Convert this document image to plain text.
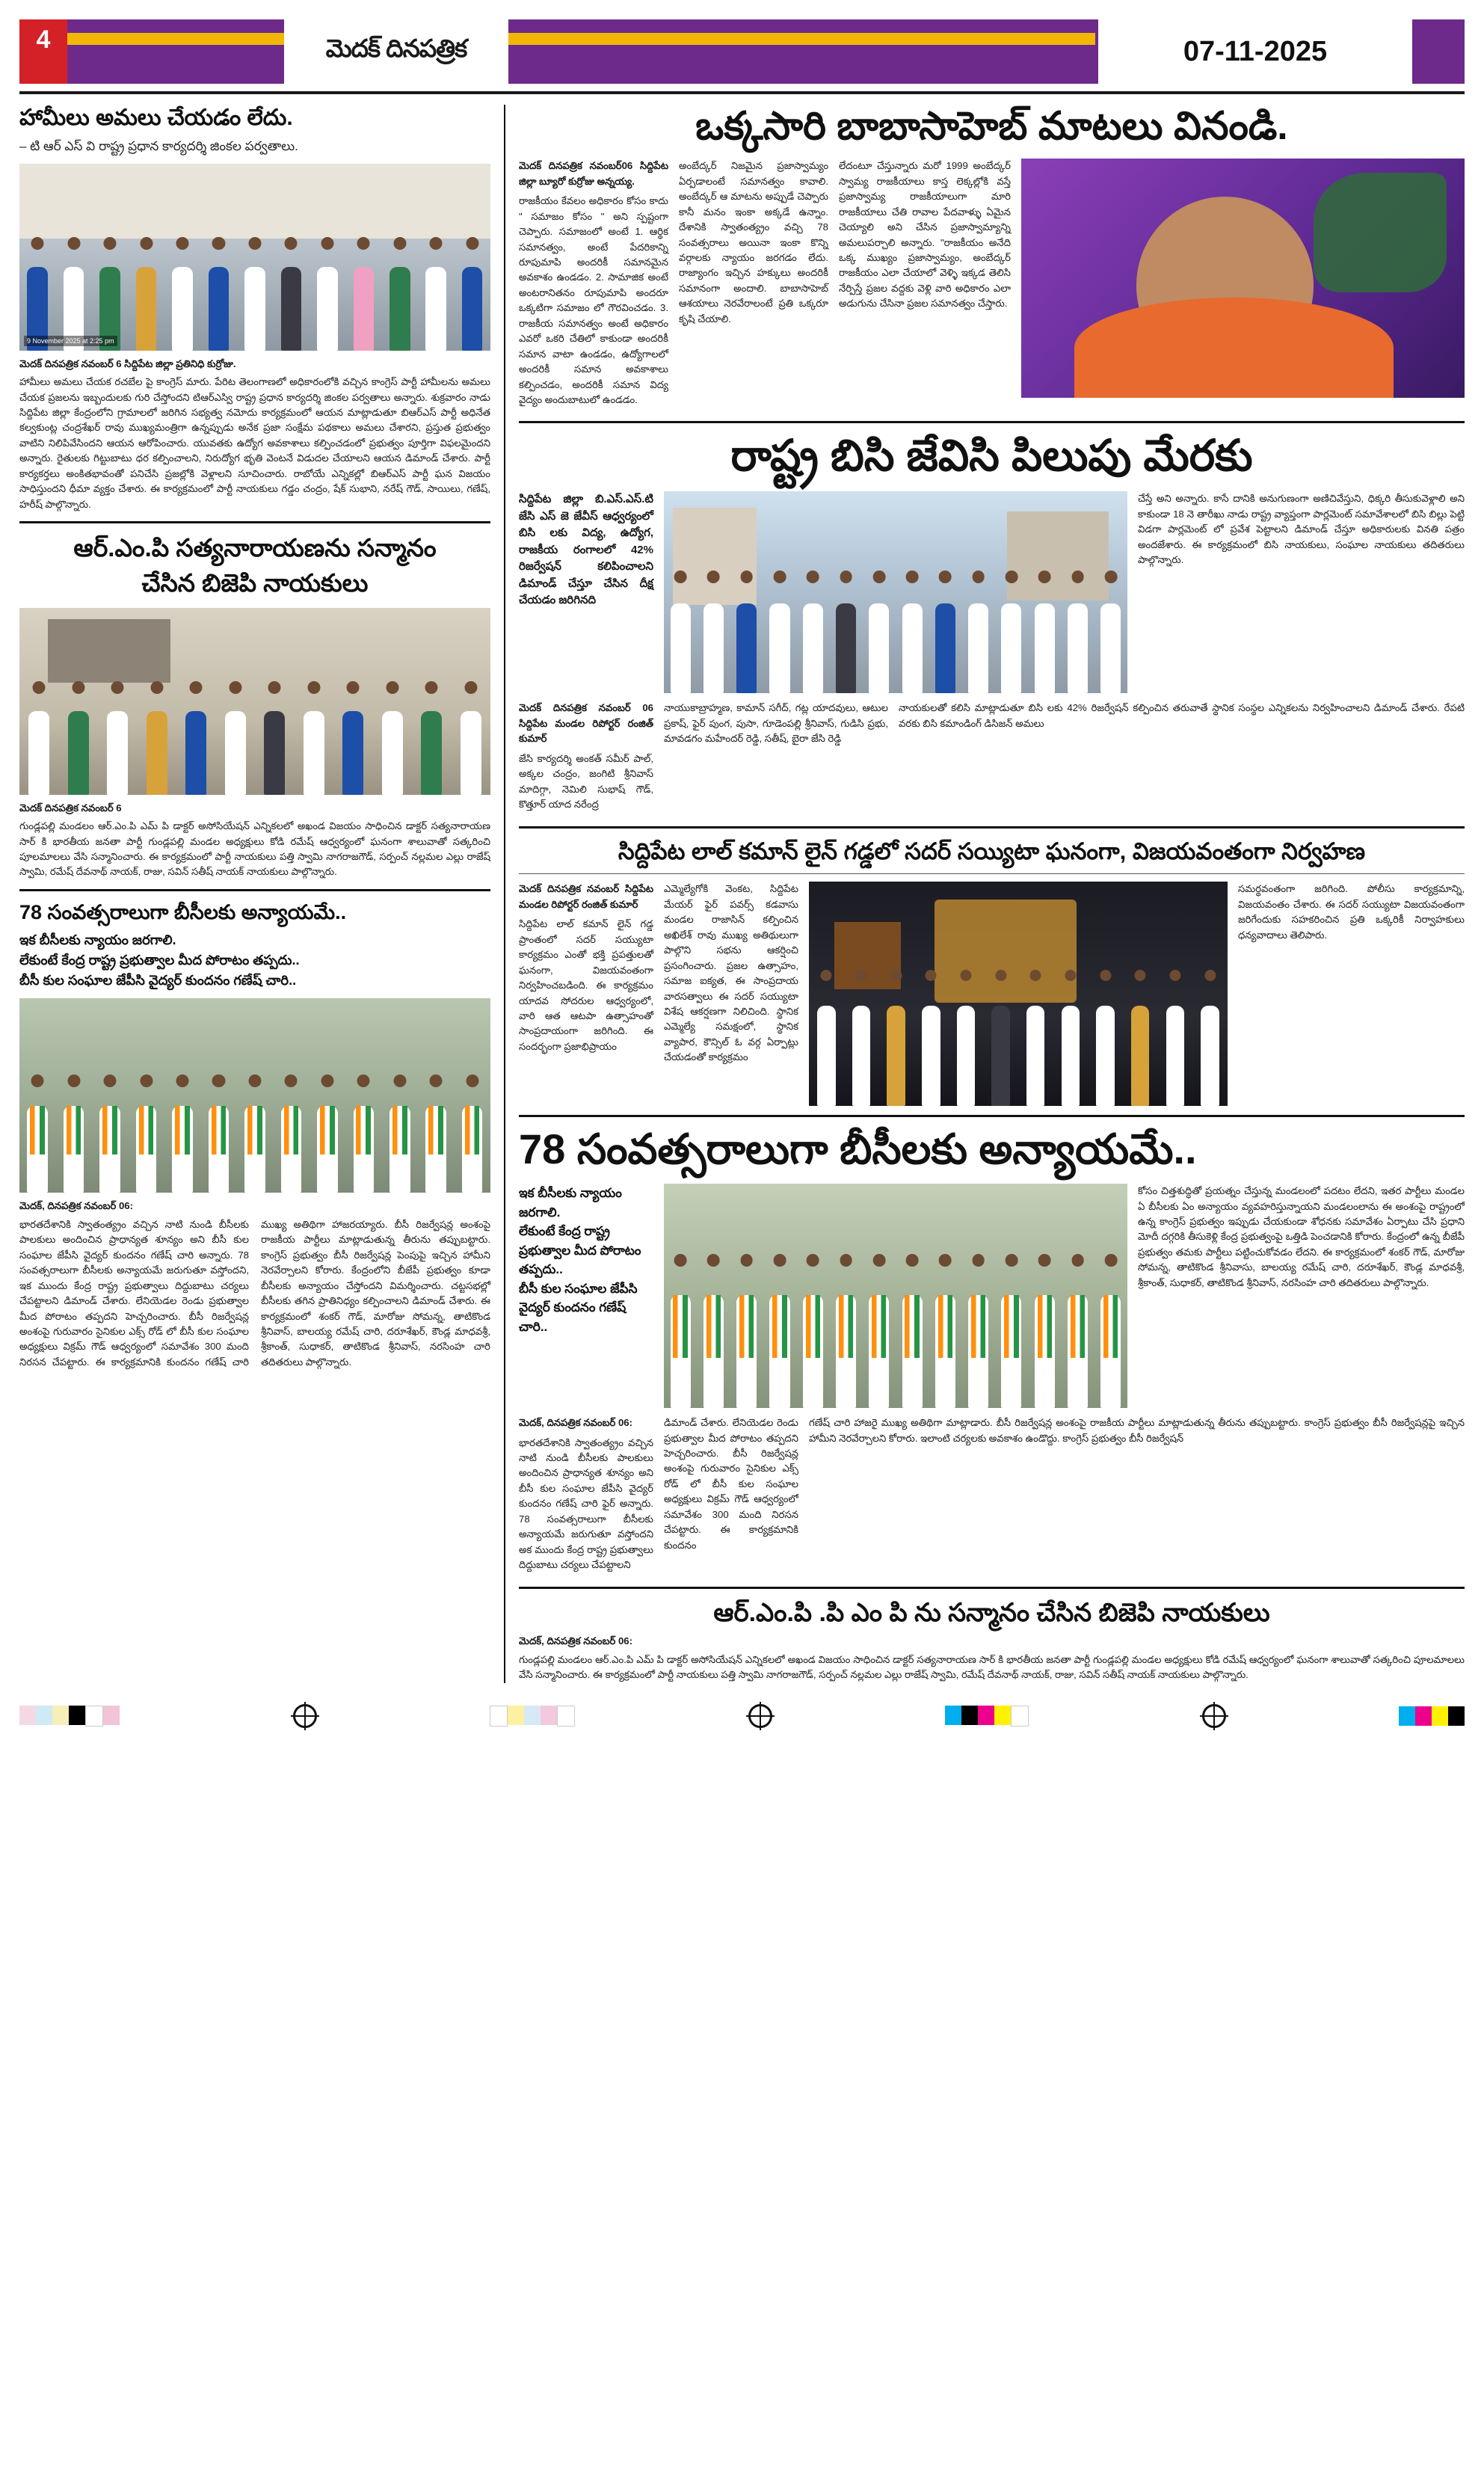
4	మెదక్ దినపత్రిక	07-11-2025
హామీలు అమలు చేయడం లేదు.
– టి ఆర్ ఎస్ వి రాష్ట్ర ప్రధాన కార్యదర్శి జింకల పర్వతాలు.
9 November 2025 at 2:25 pm
మెదక్ దినపత్రిక నవంబర్ 6 సిద్దిపేట జిల్లా ప్రతినిధి కుర్రోజు.
హామీలు అమలు చేయక రచబేల పై కాంగ్రెస్ మారు. పేరిట తెలంగాణలో అధికారంలోకి వచ్చిన కాంగ్రెస్ పార్టీ హామీలను అమలు చేయక ప్రజలను ఇబ్బందులకు గురి చేస్తోందని టిఆర్ఎస్వి రాష్ట్ర ప్రధాన కార్యదర్శి జింకల పర్వతాలు అన్నారు. శుక్రవారం నాడు సిద్దిపేట జిల్లా కేంద్రంలోని గ్రామాలలో జరిగిన సభ్యత్వ నమోదు కార్యక్రమంలో ఆయన మాట్లాడుతూ బిఆర్ఎస్ పార్టీ అధినేత కల్వకుంట్ల చంద్రశేఖర్ రావు ముఖ్యమంత్రిగా ఉన్నప్పుడు అనేక ప్రజా సంక్షేమ పథకాలు అమలు చేశారని, ప్రస్తుత ప్రభుత్వం వాటిని నిలిపివేసిందని ఆయన ఆరోపించారు. యువతకు ఉద్యోగ అవకాశాలు కల్పించడంలో ప్రభుత్వం పూర్తిగా విఫలమైందని అన్నారు. రైతులకు గిట్టుబాటు ధర కల్పించాలని, నిరుద్యోగ భృతి వెంటనే విడుదల చేయాలని ఆయన డిమాండ్ చేశారు. పార్టీ కార్యకర్తలు అంకితభావంతో పనిచేసి ప్రజల్లోకి వెళ్లాలని సూచించారు. రాబోయే ఎన్నికల్లో బిఆర్ఎస్ పార్టీ ఘన విజయం సాధిస్తుందని ధీమా వ్యక్తం చేశారు. ఈ కార్యక్రమంలో పార్టీ నాయకులు గడ్డం చంద్రం, షేక్ సుభాని, నరేష్ గౌడ్, సాయిలు, గణేష్, హరీష్ పాల్గొన్నారు.
ఆర్.ఎం.పి సత్యనారాయణను సన్మానం
చేసిన బిజెపి నాయకులు
మెదక్ దినపత్రిక నవంబర్ 6
గుండ్లపల్లి మండలం ఆర్.ఎం.పి ఎమ్ పి డాక్టర్ అసోసియేషన్ ఎన్నికలలో అఖండ విజయం సాధించిన డాక్టర్ సత్యనారాయణ సార్ కి భారతీయ జనతా పార్టీ గుండ్లపల్లి మండల అధ్యక్షులు కోడి రమేష్ ఆధ్వర్యంలో ఘనంగా శాలువాతో సత్కరించి పూలమాలలు వేసి సన్మానించారు. ఈ కార్యక్రమంలో పార్టీ నాయకులు పత్తి స్వామి నాగరాజగౌడ్, సర్పంచ్ నల్లమల ఎల్లు రాజేష్ స్వామి, రమేష్ దేవనాథ్ నాయక్, రాజు, సవిన్ సతీష్ నాయక్ నాయకులు పాల్గొన్నారు.
78 సంవత్సరాలుగా బీసీలకు అన్యాయమే..
ఇక బీసీలకు న్యాయం జరగాలి.
లేకుంటే కేంద్ర రాష్ట్ర ప్రభుత్వాల మీద పోరాటం తప్పదు..
బీసీ కుల సంఘాల జేపీసి వైద్యర్ కుందనం గణేష్ చారి..
మెదక్, దినపత్రిక నవంబర్ 06:
భారతదేశానికి స్వాతంత్య్రం వచ్చిన నాటి నుండి బీసీలకు పాలకులు అందించిన ప్రాధాన్యత శూన్యం అని బీసీ కుల సంఘాల జేపీసి వైద్యర్ కుందనం గణేష్ చారి అన్నారు. 78 సంవత్సరాలుగా బీసీలకు అన్యాయమే జరుగుతూ వస్తోందని, ఇక ముందు కేంద్ర రాష్ట్ర ప్రభుత్వాలు దిద్దుబాటు చర్యలు చేపట్టాలని డిమాండ్ చేశారు. లేనియెడల రెండు ప్రభుత్వాల మీద పోరాటం తప్పదని హెచ్చరించారు. బీసీ రిజర్వేషన్ల అంశంపై గురువారం సైనికుల ఎక్స్ రోడ్ లో బీసీ కుల సంఘాల అధ్యక్షులు విక్రమ్ గౌడ్ ఆధ్వర్యంలో సమావేశం 300 మంది నిరసన చేపట్టారు. ఈ కార్యక్రమానికి కుందనం గణేష్ చారి ముఖ్య అతిథిగా హాజరయ్యారు. బీసీ రిజర్వేషన్ల అంశంపై రాజకీయ పార్టీలు మాట్లాడుతున్న తీరును తప్పుబట్టారు. కాంగ్రెస్ ప్రభుత్వం బీసీ రిజర్వేషన్ల పెంపుపై ఇచ్చిన హామీని నెరవేర్చాలని కోరారు. కేంద్రంలోని బీజేపీ ప్రభుత్వం కూడా బీసీలకు అన్యాయం చేస్తోందని విమర్శించారు. చట్టసభల్లో బీసీలకు తగిన ప్రాతినిధ్యం కల్పించాలని డిమాండ్ చేశారు. ఈ కార్యక్రమంలో శంకర్ గౌడ్, మారోజు సోమన్న, తాటికొండ శ్రీనివాస్, బాలయ్య రమేష్ చారి, దరూశేఖర్, కౌండ్ల మాధవశ్రీ, శ్రీకాంత్, సుధాకర్, తాటికొండ శ్రీనివాస్, నరసింహ చారి తదితరులు పాల్గొన్నారు.
ఒక్కసారి బాబాసాహెబ్ మాటలు వినండి.

మెదక్ దినపత్రిక నవంబర్06 సిద్దిపేట జిల్లా బ్యూరో కుర్రోజు అన్నయ్య.

రాజకీయం కేవలం అధికారం కోసం కాదు " సమాజం కోసం " అని స్పష్టంగా చెప్పారు. సమాజంలో అంటే 1. ఆర్థిక సమానత్వం, అంటే పేదరికాన్ని రూపుమాపి అందరికీ సమానమైన అవకాశం ఉండడం. 2. సామాజిక అంటే అంటరానితనం రూపుమాపి అందరూ ఒక్కటిగా సమాజం లో గౌరవించడం. 3. రాజకీయ సమానత్వం అంటే అధికారం ఎవరో ఒకరి చేతిలో కాకుండా అందరికీ సమాన వాటా ఉండడం, ఉద్యోగాలలో అందరికీ సమాన అవకాశాలు కల్పించడం, అందరికీ సమాన విద్య వైద్యం అందుబాటులో ఉండడం.

అంబేద్కర్ నిజమైన ప్రజాస్వామ్యం ఏర్పడాలంటే సమానత్వం కావాలి. అంబేద్కర్ ఆ మాటను అప్పుడే చెప్పారు కానీ మనం ఇంకా అక్కడే ఉన్నాం. దేశానికి స్వాతంత్య్రం వచ్చి 78 సంవత్సరాలు అయినా ఇంకా కొన్ని వర్గాలకు న్యాయం జరగడం లేదు. రాజ్యాంగం ఇచ్చిన హక్కులు అందరికీ సమానంగా అందాలి. బాబాసాహెబ్ ఆశయాలు నెరవేరాలంటే ప్రతి ఒక్కరూ కృషి చేయాలి.

లేదంటూ చేస్తున్నారు మరో 1999 అంబేద్కర్ స్వామ్య రాజకీయాలు కాస్త లెక్కల్లోకి వస్తే ప్రజాస్వామ్య రాజకీయాలుగా మారి రాజకీయాలు చేతి రావాల పేదవాళ్ళు ఏమైన చెయ్యాలి అని చేసిన ప్రజాస్వామ్యాన్ని అమలుపర్చాలి అన్నారు. "రాజకీయం అనేది ఒక్క ముఖ్యం ప్రజాస్వామ్యం, అంబేద్కర్ రాజకీయం ఎలా చేయాలో వెళ్ళి ఇక్కడ తెలిసి నేర్పిస్తే ప్రజల వద్దకు వెళ్లి వారి అధికారం ఎలా అడుగును చేసినా ప్రజల సమానత్వం చేస్తారు.

రాష్ట్ర బిసి జేవిసి పిలుపు మేరకు
సిద్దిపేట జిల్లా బి.ఎస్.ఎస్.టి జేసి ఎస్ జె జేవీస్ ఆధ్వర్యంలో బిసి లకు విద్య, ఉద్యోగ, రాజకీయ రంగాలలో 42% రిజర్వేషన్ కలిపించాలని డిమాండ్ చేస్తూ చేసిన దీక్ష చేయడం జరిగినది

చేస్తే అని అన్నారు. కాసే దానికి అనుగుణంగా అణిచివేస్తుని, ధిక్కరి తీసుకువెళ్లాలి అని కాకుండా 18 నె తారీఖు నాడు రాష్ట్ర వ్యాప్తంగా పార్లమెంట్ సమావేశాలలో బిసి బిల్లు పెట్టి విడగా పార్లమెంట్ లో ప్రవేశ పెట్టాలని డిమాండ్ చేస్తూ అధికారులకు వినతి పత్రం అందజేశారు. ఈ కార్యక్రమంలో బిసి నాయకులు, సంఘాల నాయకులు తదితరులు పాల్గొన్నారు.

మెదక్ దినపత్రిక నవంబర్ 06 సిద్దిపేట మండల రిపోర్టర్ రంజిత్ కుమార్

జేసి కార్యదర్శి అంకత్ సమీర్ పాల్, అక్కల చంద్రం, జంగిటి శ్రీనివాస్ మాదిగ్గా, నెమిలి సుభాష్ గౌడ్, కొత్తూర్ యాద నరేంద్ర

నాయుకాబ్రాహ్మణ, కామాన్ సగీద్, గట్ల యాదవులు, ఆటుల ప్రకాష్, ఫైర్ పుంగ, పుసా, గూడెంపల్లి శ్రీనివాస్, గుడిసి ప్రభు, మావడగం మహేందర్ రెడ్డి, సతీష్, బైరా జేసి రెడ్డి

నాయకులతో కలిసి మాట్లాడుతూ బిసి లకు 42% రిజర్వేషన్ కల్పించిన తరువాతే స్థానిక సంస్థల ఎన్నికలను నిర్వహించాలని డిమాండ్ చేశారు. రేపటి వరకు బిసి కమాండింగ్ డిసిజన్ అమలు

సిద్దిపేట లాల్ కమాన్ లైన్ గడ్డలో సదర్ సయ్యిటా ఘనంగా, విజయవంతంగా నిర్వహణ

మెదక్ దినపత్రిక నవంబర్ సిద్దిపేట మండల రిపోర్టర్ రంజిత్ కుమార్

సిద్దిపేట లాల్ కమాన్ లైన్ గడ్డ ప్రాంతంలో సదర్ సయ్యుటా కార్యక్రమం ఎంతో భక్తి ప్రపత్తులతో ఘనంగా, విజయవంతంగా నిర్వహించబడింది. ఈ కార్యక్రమం యాదవ సోదరుల ఆధ్వర్యంలో, వారి ఆత ఆటపా ఉత్సాహంతో సాంప్రదాయంగా జరిగింది. ఈ సందర్భంగా ప్రజాభిప్రాయం

ఎమ్మెల్యేగోకి వెంకట, సిద్దిపేట మేయర్ ఫైర్ పవర్స్ కడవాసు మండల రాజాసిన్ కల్పించిన అఖిలేశ్ రావు ముఖ్య అతిథులుగా పాల్గొని సభను ఆకర్షించి ప్రసంగించారు. ప్రజల ఉత్సాహం, సమాజ ఐక్యత, ఈ సాంప్రదాయ వారసత్వాలు ఈ సదర్ సయ్యుటా విశేష ఆకర్షణగా నిలిచింది. స్థానిక ఎమ్మెల్యే సమక్షంలో, స్థానిక వ్యాపార, కౌన్సిల్ ఓ వర్గ ఏర్పాట్లు చేయడంతో కార్యక్రమం

సమర్థవంతంగా జరిగింది. పోలీసు కార్యక్రమాన్ని, విజయవంతం చేశారు. ఈ సదర్ సయ్యుటా విజయవంతంగా జరిగేందుకు సహకరించిన ప్రతి ఒక్కరికీ నిర్వాహకులు ధన్యవాదాలు తెలిపారు.

78 సంవత్సరాలుగా బీసీలకు అన్యాయమే..
ఇక బీసీలకు న్యాయం జరగాలి.
లేకుంటే కేంద్ర రాష్ట్ర ప్రభుత్వాల మీద పోరాటం తప్పదు..
బీసీ కుల సంఘాల జేపీసి వైద్యర్ కుందనం గణేష్ చారి..

కోసం చిత్తశుద్ధితో ప్రయత్నం చేస్తున్న మండలంలో పదటం లేదని, ఇతర పార్టీలు మండల ఏ బీసీలకు ఏం అన్యాయం వ్యవహరిస్తున్నాయని మండలంలాను ఈ అంశంపై రాష్ట్రంలో ఉన్న కాంగ్రెస్ ప్రభుత్వం ఇప్పుడు చేయకుండా శోధనకు సమావేశం ఏర్పాటు చేసి ప్రధాని మోదీ దగ్గరికి తీసుకెళ్లి కేంద్ర ప్రభుత్వంపై ఒత్తిడి పెంచడానికి కోరారు. కేంద్రంలో ఉన్న బీజేపీ ప్రభుత్వం తమకు పార్టీలు పట్టించుకోవడం లేదని. ఈ కార్యక్రమంలో శంకర్ గౌడ్, మారోజు సోమన్న, తాటికొండ శ్రీనివాసు, బాలయ్య రమేష్ చారి, దరూశేఖర్, కౌండ్ల మాధవశ్రీ, శ్రీకాంత్, సుధాకర్, తాటికొండ శ్రీనివాస్, నరసింహ చారి తదితరులు పాల్గొన్నారు.

మెదక్, దినపత్రిక నవంబర్ 06:

భారతదేశానికి స్వాతంత్య్రం వచ్చిన నాటి నుండి బీసీలకు పాలకులు అందించిన ప్రాధాన్యత శూన్యం అని బీసీ కుల సంఘాల జేపీసి వైద్యర్ కుందనం గణేష్ చారి ఫైర్ అన్నారు. 78 సంవత్సరాలుగా బీసీలకు అన్యాయమే జరుగుతూ వస్తోందని అక ముందు కేంద్ర రాష్ట్ర ప్రభుత్వాలు దిద్దుబాటు చర్యలు చేపట్టాలని

డిమాండ్ చేశారు. లేనియెడల రెండు ప్రభుత్వాల మీద పోరాటం తప్పదని హెచ్చరించారు. బీసీ రిజర్వేషన్ల అంశంపై గురువారం సైనికుల ఎక్స్ రోడ్ లో బీసీ కుల సంఘాల అధ్యక్షులు విక్రమ్ గౌడ్ ఆధ్వర్యంలో సమావేశం 300 మంది నిరసన చేపట్టారు. ఈ కార్యక్రమానికి కుందనం

గణేష్ చారి హాజరై ముఖ్య అతిథిగా మాట్లాడారు. బీసీ రిజర్వేషన్ల అంశంపై రాజకీయ పార్టీలు మాట్లాడుతున్న తీరును తప్పుబట్టారు. కాంగ్రెస్ ప్రభుత్వం బీసీ రిజర్వేషన్లపై ఇచ్చిన హామీని నెరవేర్చాలని కోరారు. ఇలాంటి చర్యలకు అవకాశం ఉండొద్దు. కాంగ్రెస్ ప్రభుత్వం బీసీ రిజర్వేషన్

ఆర్.ఎం.పి .పి ఎం పి ను సన్మానం చేసిన బిజెపి నాయకులు
మెదక్, దినపత్రిక నవంబర్ 06:
గుండ్లపల్లి మండలం ఆర్.ఎం.పి ఎమ్ పి డాక్టర్ అసోసియేషన్ ఎన్నికలలో అఖండ విజయం సాధించిన డాక్టర్ సత్యనారాయణ సార్ కి భారతీయ జనతా పార్టీ గుండ్లపల్లి మండల అధ్యక్షులు కోడి రమేష్ ఆధ్వర్యంలో ఘనంగా శాలువాతో సత్కరించి పూలమాలలు వేసి సన్మానించారు. ఈ కార్యక్రమంలో పార్టీ నాయకులు పత్తి స్వామి నాగరాజగౌడ్, సర్పంచ్ నల్లమల ఎల్లు రాజేష్ స్వామి, రమేష్ దేవనాథ్ నాయక్, రాజు, సవిన్ సతీష్ నాయక్ నాయకులు పాల్గొన్నారు.
